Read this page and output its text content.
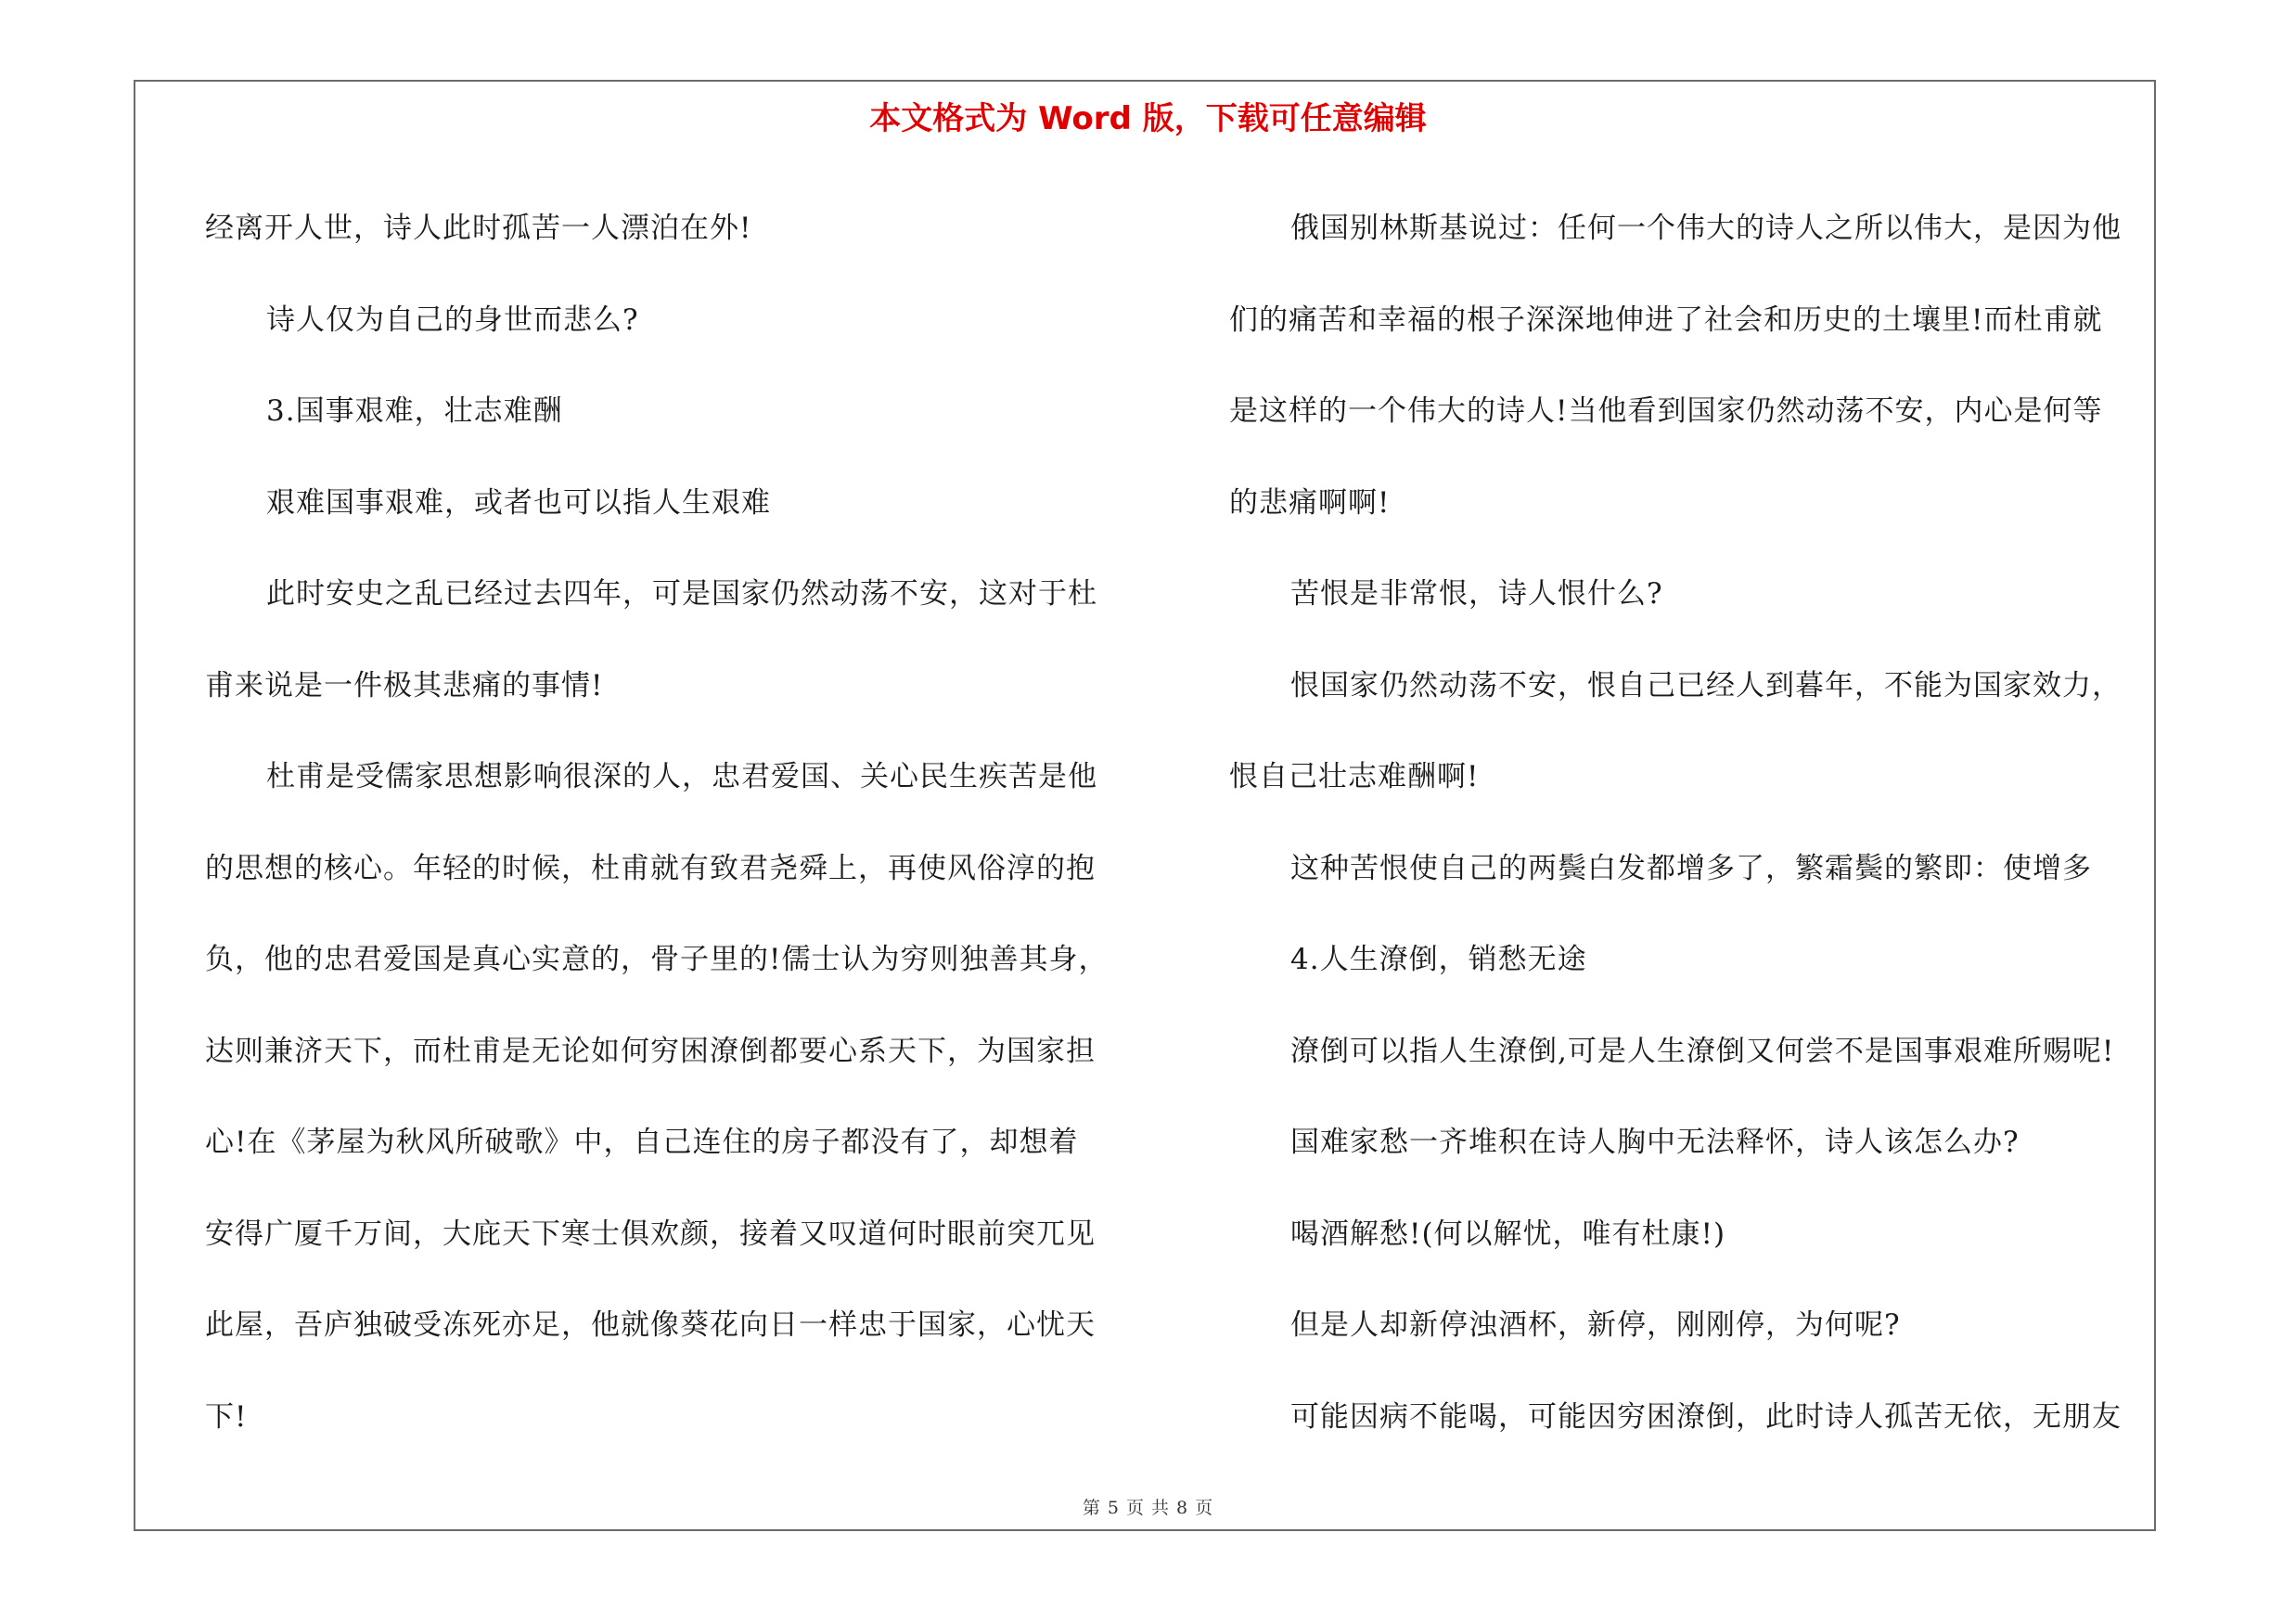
本文格式为 Word 版，下载可任意编辑

经离开人世，诗人此时孤苦一人漂泊在外!

诗人仅为自己的身世而悲么?

3.国事艰难，壮志难酬

艰难国事艰难，或者也可以指人生艰难

此时安史之乱已经过去四年，可是国家仍然动荡不安，这对于杜

甫来说是一件极其悲痛的事情!

杜甫是受儒家思想影响很深的人，忠君爱国、关心民生疾苦是他

的思想的核心。年轻的时候，杜甫就有致君尧舜上，再使风俗淳的抱

负，他的忠君爱国是真心实意的，骨子里的!儒士认为穷则独善其身，

达则兼济天下，而杜甫是无论如何穷困潦倒都要心系天下，为国家担

心!在《茅屋为秋风所破歌》中，自己连住的房子都没有了，却想着

安得广厦千万间，大庇天下寒士俱欢颜，接着又叹道何时眼前突兀见

此屋，吾庐独破受冻死亦足，他就像葵花向日一样忠于国家，心忧天

下!

俄国别林斯基说过：任何一个伟大的诗人之所以伟大，是因为他

们的痛苦和幸福的根子深深地伸进了社会和历史的土壤里!而杜甫就

是这样的一个伟大的诗人!当他看到国家仍然动荡不安，内心是何等

的悲痛啊啊!

苦恨是非常恨，诗人恨什么?

恨国家仍然动荡不安，恨自己已经人到暮年，不能为国家效力，

恨自己壮志难酬啊!

这种苦恨使自己的两鬓白发都增多了，繁霜鬓的繁即：使增多

4.人生潦倒，销愁无途

潦倒可以指人生潦倒,可是人生潦倒又何尝不是国事艰难所赐呢!

国难家愁一齐堆积在诗人胸中无法释怀，诗人该怎么办?

喝酒解愁!(何以解忧，唯有杜康!)

但是人却新停浊酒杯，新停，刚刚停，为何呢?

可能因病不能喝，可能因穷困潦倒，此时诗人孤苦无依，无朋友

第 5 页 共 8 页
